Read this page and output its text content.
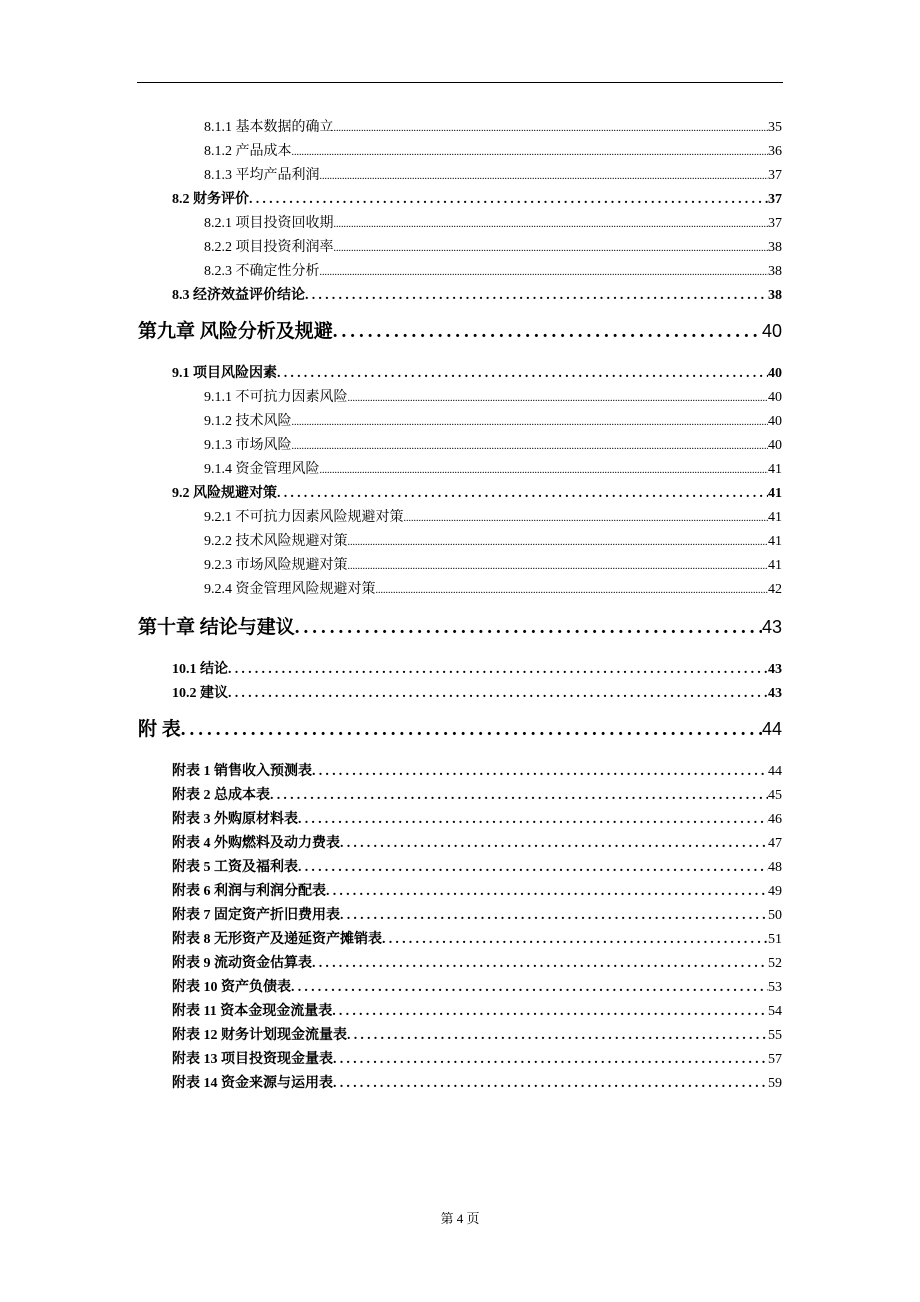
8.1.1 基本数据的确立 .....	35
8.1.2 产品成本 .....	36
8.1.3 平均产品利润 .....	37
8.2 财务评价 .....	37
8.2.1 项目投资回收期 .....	37
8.2.2 项目投资利润率 .....	38
8.2.3 不确定性分析 .....	38
8.3 经济效益评价结论 .....	38
第九章 风险分析及规避 .....	40
9.1 项目风险因素 .....	40
9.1.1 不可抗力因素风险 .....	40
9.1.2 技术风险 .....	40
9.1.3 市场风险 .....	40
9.1.4 资金管理风险 .....	41
9.2 风险规避对策 .....	41
9.2.1 不可抗力因素风险规避对策 .....	41
9.2.2 技术风险规避对策 .....	41
9.2.3 市场风险规避对策 .....	41
9.2.4 资金管理风险规避对策 .....	42
第十章 结论与建议 .....	43
10.1 结论 .....	43
10.2 建议 .....	43
附 表 .....	44
附表 1 销售收入预测表 .....	44
附表 2 总成本表 .....	45
附表 3 外购原材料表 .....	46
附表 4 外购燃料及动力费表 .....	47
附表 5 工资及福利表 .....	48
附表 6 利润与利润分配表 .....	49
附表 7 固定资产折旧费用表 .....	50
附表 8 无形资产及递延资产摊销表 .....	51
附表 9 流动资金估算表 .....	52
附表 10 资产负债表 .....	53
附表 11 资本金现金流量表 .....	54
附表 12 财务计划现金流量表 .....	55
附表 13 项目投资现金量表 .....	57
附表 14 资金来源与运用表 .....	59
第 4 页
